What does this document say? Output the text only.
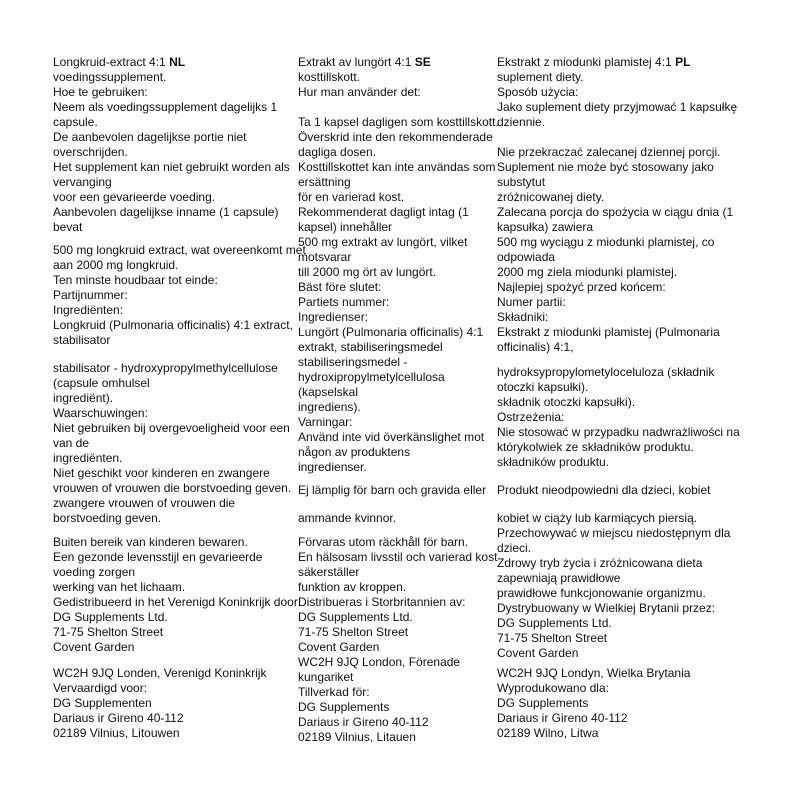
Longkruid-extract 4:1 NL
voedingssupplement.
Hoe te gebruiken:
Neem als voedingssupplement dagelijks 1
capsule.
De aanbevolen dagelijkse portie niet
overschrijden.
Het supplement kan niet gebruikt worden als
vervanging
voor een gevarieerde voeding.
Aanbevolen dagelijkse inname (1 capsule)
bevat
500 mg longkruid extract, wat overeenkomt met
aan 2000 mg longkruid.
Ten minste houdbaar tot einde:
Partijnummer:
Ingrediënten:
Longkruid (Pulmonaria officinalis) 4:1 extract,
stabilisator
stabilisator - hydroxypropylmethylcellulose
(capsule omhulsel
ingrediënt).
Waarschuwingen:
Niet gebruiken bij overgevoeligheid voor een
van de
ingrediënten.
Niet geschikt voor kinderen en zwangere
vrouwen of vrouwen die borstvoeding geven.
zwangere vrouwen of vrouwen die
borstvoeding geven.
Buiten bereik van kinderen bewaren.
Een gezonde levensstijl en gevarieerde
voeding zorgen
werking van het lichaam.
Gedistribueerd in het Verenigd Koninkrijk door:
DG Supplements Ltd.
71-75 Shelton Street
Covent Garden
WC2H 9JQ Londen, Verenigd Koninkrijk
Vervaardigd voor:
DG Supplementen
Dariaus ir Gireno 40-112
02189 Vilnius, Litouwen
Extrakt av lungört 4:1 SE
kosttillskott.
Hur man använder det:
Ta 1 kapsel dagligen som kosttillskott.
Överskrid inte den rekommenderade
dagliga dosen.
Kosttillskottet kan inte användas som
ersättning
för en varierad kost.
Rekommenderat dagligt intag (1
kapsel) innehåller
500 mg extrakt av lungört, vilket
motsvarar
till 2000 mg ört av lungört.
Bäst före slutet:
Partiets nummer:
Ingredienser:
Lungört (Pulmonaria officinalis) 4:1
extrakt, stabiliseringsmedel
stabiliseringsmedel -
hydroxipropylmetylcellulosa
(kapselskal
ingrediens).
Varningar:
Använd inte vid överkänslighet mot
någon av produktens
ingredienser.
Ej lämplig för barn och gravida eller
ammande kvinnor.
Förvaras utom räckhåll för barn.
En hälsosam livsstil och varierad kost
säkerställer
funktion av kroppen.
Distribueras i Storbritannien av:
DG Supplements Ltd.
71-75 Shelton Street
Covent Garden
WC2H 9JQ London, Förenade
kungariket
Tillverkad för:
DG Supplements
Dariaus ir Gireno 40-112
02189 Vilnius, Litauen
Ekstrakt z miodunki plamistej 4:1 PL
suplement diety.
Sposób użycia:
Jako suplement diety przyjmować 1 kapsułkę
dziennie.
Nie przekraczać zalecanej dziennej porcji.
Suplement nie może być stosowany jako
substytut
zróżnicowanej diety.
Zalecana porcja do spożycia w ciągu dnia (1
kapsułka) zawiera
500 mg wyciągu z miodunki plamistej, co
odpowiada
2000 mg ziela miodunki plamistej.
Najlepiej spożyć przed końcem:
Numer partii:
Składniki:
Ekstrakt z miodunki plamistej (Pulmonaria
officinalis) 4:1,
hydroksypropylometyloceluloza (składnik
otoczki kapsułki).
składnik otoczki kapsułki).
Ostrzeżenia:
Nie stosować w przypadku nadwrażliwości na
którykolwiek ze składników produktu.
składników produktu.
Produkt nieodpowiedni dla dzieci, kobiet
kobiet w ciąży lub karmiących piersią.
Przechowywać w miejscu niedostępnym dla
dzieci.
Zdrowy tryb życia i zróżnicowana dieta
zapewniają prawidłowe
prawidłowe funkcjonowanie organizmu.
Dystrybuowany w Wielkiej Brytanii przez:
DG Supplements Ltd.
71-75 Shelton Street
Covent Garden
WC2H 9JQ Londyn, Wielka Brytania
Wyprodukowano dla:
DG Supplements
Dariaus ir Gireno 40-112
02189 Wilno, Litwa
